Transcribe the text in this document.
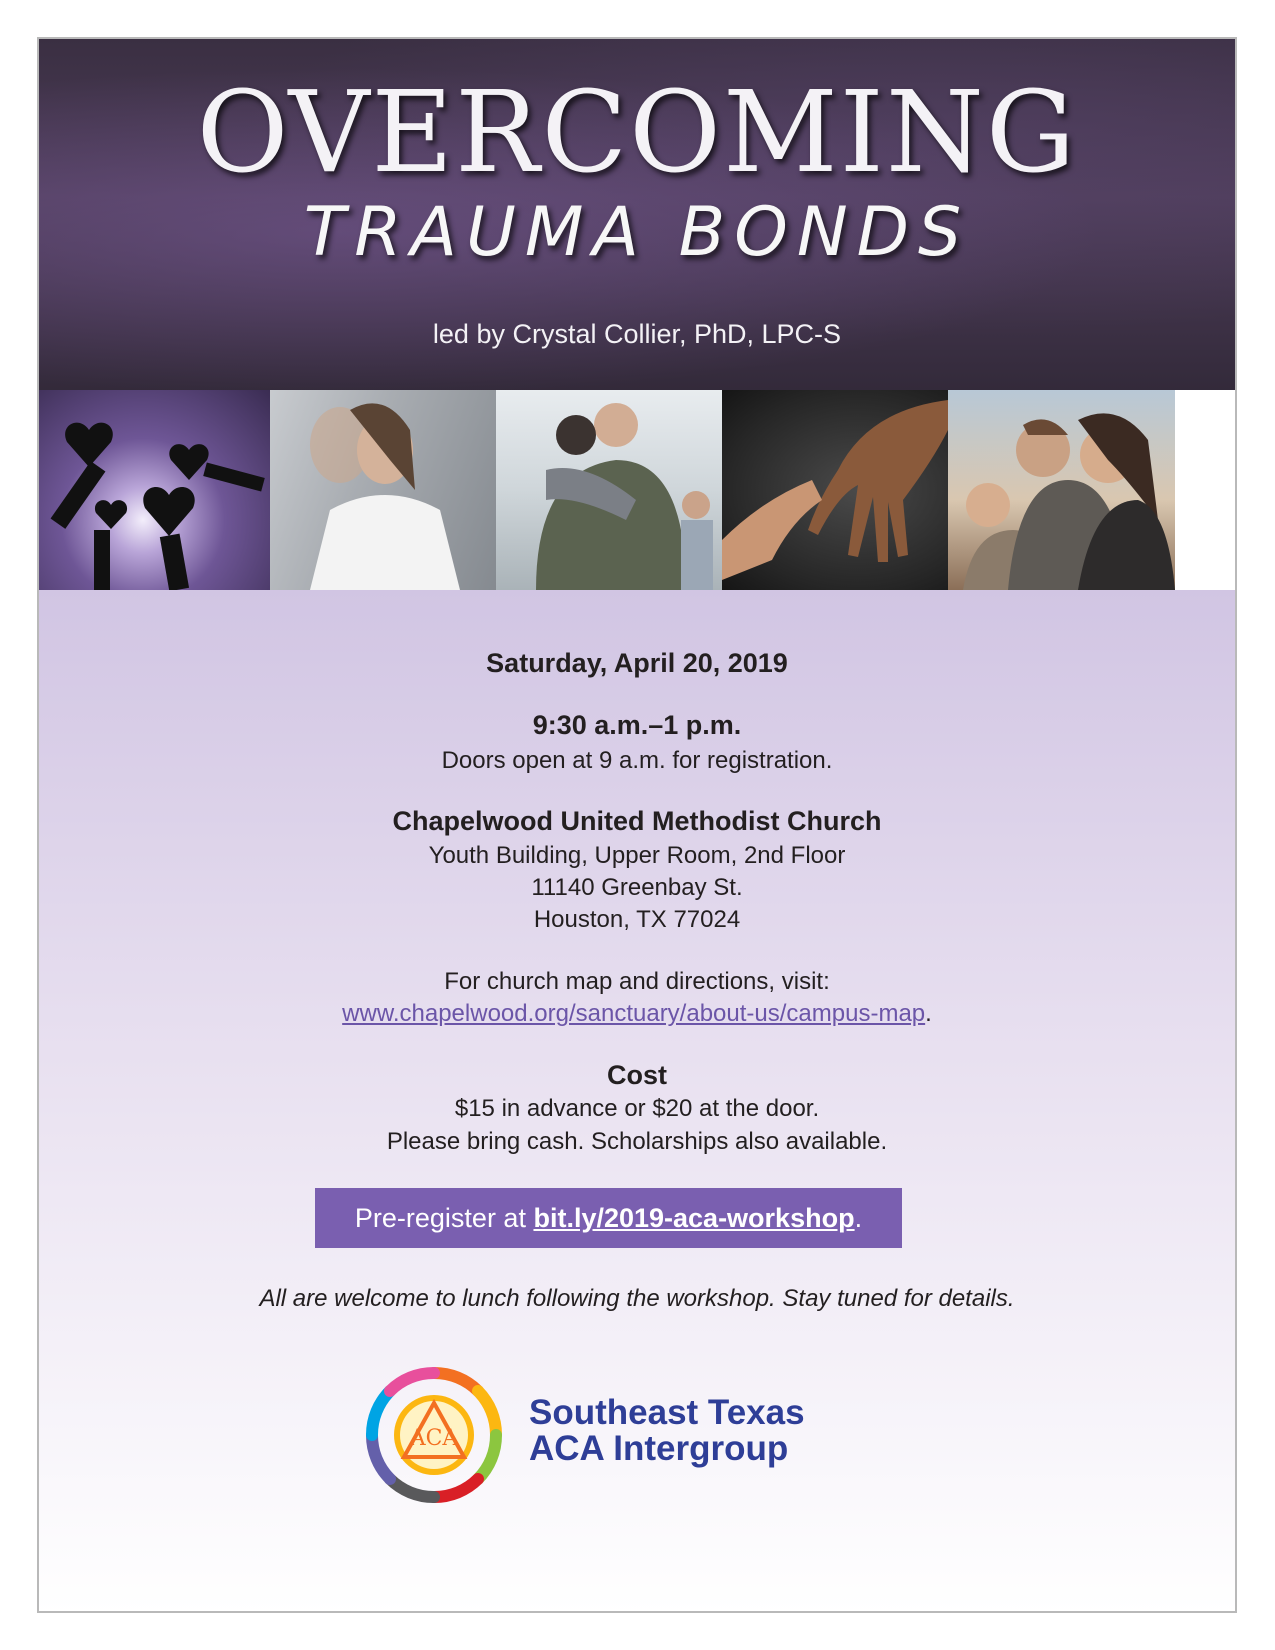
OVERCOMING
TRAUMA BONDS
led by Crystal Collier, PhD, LPC-S
Saturday, April 20, 2019
9:30 a.m.–1 p.m.
Doors open at 9 a.m. for registration.
Chapelwood United Methodist Church
Youth Building, Upper Room, 2nd Floor
11140 Greenbay St.
Houston, TX 77024
For church map and directions, visit:
www.chapelwood.org/sanctuary/about-us/campus-map.
Cost
$15 in advance or $20 at the door.
Please bring cash. Scholarships also available.
Pre-register at bit.ly/2019-aca-workshop.
All are welcome to lunch following the workshop. Stay tuned for details.
ACA
Southeast Texas
ACA Intergroup
